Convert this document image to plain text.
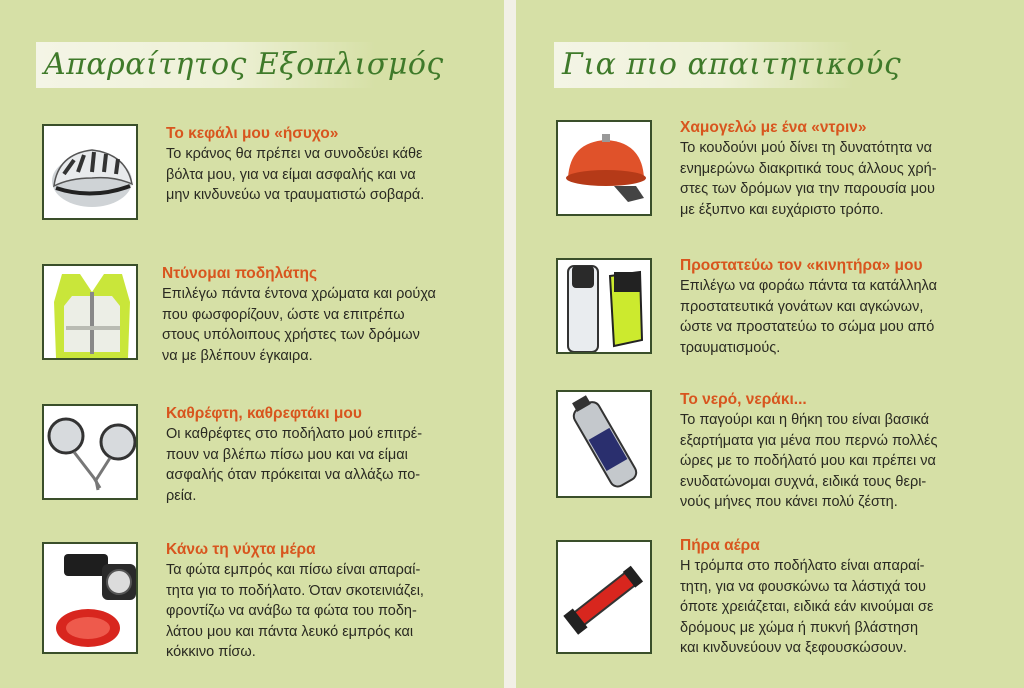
Απαραίτητος Εξοπλισμός
Το κεφάλι μου «ήσυχο»
Το κράνος θα πρέπει να συνοδεύει κάθε
βόλτα μου, για να είμαι ασφαλής και να
μην κινδυνεύω να τραυματιστώ σοβαρά.
Ντύνομαι ποδηλάτης
Επιλέγω πάντα έντονα χρώματα και ρούχα
που φωσφορίζουν, ώστε να επιτρέπω
στους υπόλοιπους χρήστες των δρόμων
να με βλέπουν έγκαιρα.
Καθρέφτη, καθρεφτάκι μου
Οι καθρέφτες στο ποδήλατο μού επιτρέ-
πουν να βλέπω πίσω μου και να είμαι
ασφαλής όταν πρόκειται να αλλάξω πο-
ρεία.
Κάνω τη νύχτα μέρα
Τα φώτα εμπρός και πίσω είναι απαραί-
τητα για το ποδήλατο. Όταν σκοτεινιάζει,
φροντίζω να ανάβω τα φώτα του ποδη-
λάτου μου και πάντα λευκό εμπρός και
κόκκινο πίσω.
Για πιο απαιτητικούς
Χαμογελώ με ένα «ντριν»
Το κουδούνι μού δίνει τη δυνατότητα να
ενημερώνω διακριτικά τους άλλους χρή-
στες των δρόμων για την παρουσία μου
με έξυπνο και ευχάριστο τρόπο.
Προστατεύω τον «κινητήρα» μου
Επιλέγω να φοράω πάντα τα κατάλληλα
προστατευτικά γονάτων και αγκώνων,
ώστε να προστατεύω το σώμα μου από
τραυματισμούς.
Το νερό, νεράκι...
Το παγούρι και η θήκη του είναι βασικά
εξαρτήματα για μένα που περνώ πολλές
ώρες με το ποδήλατό μου και πρέπει να
ενυδατώνομαι συχνά, ειδικά τους θερι-
νούς μήνες που κάνει πολύ ζέστη.
Πήρα αέρα
Η τρόμπα στο ποδήλατο είναι απαραί-
τητη, για να φουσκώνω τα λάστιχά του
όποτε χρειάζεται, ειδικά εάν κινούμαι σε
δρόμους με χώμα ή πυκνή βλάστηση
και κινδυνεύουν να ξεφουσκώσουν.
